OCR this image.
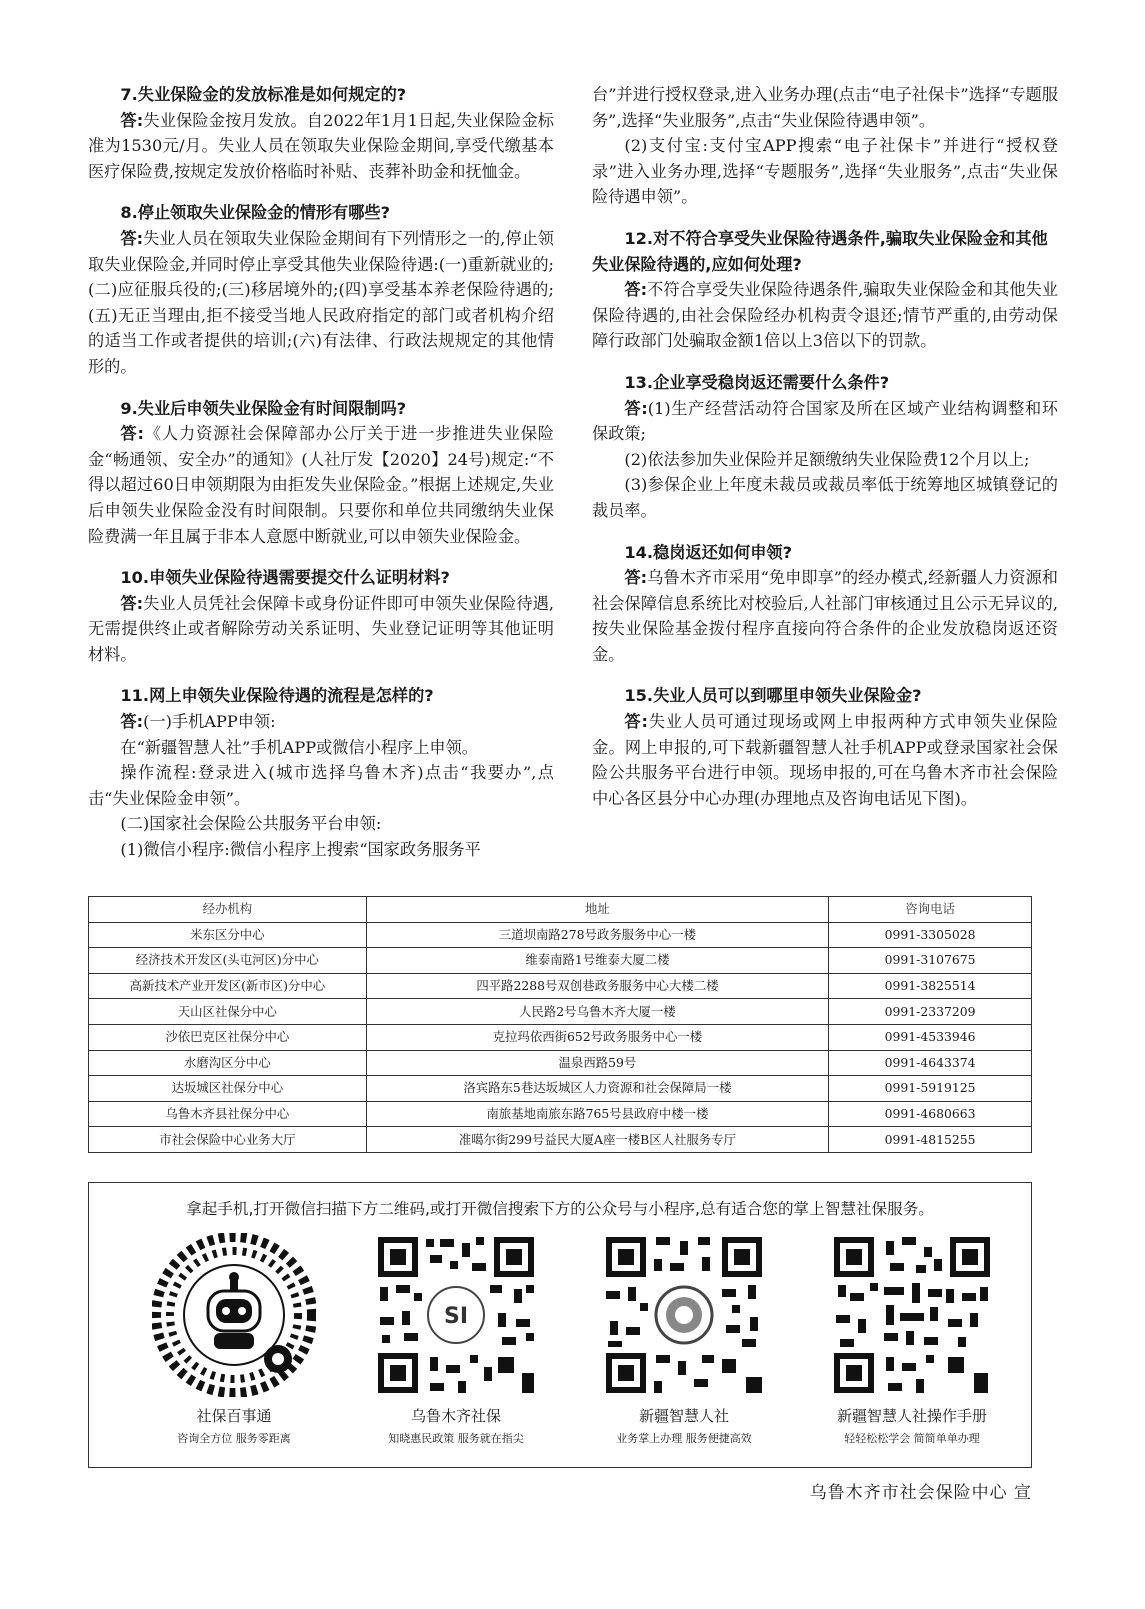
7.失业保险金的发放标准是如何规定的?

答:失业保险金按月发放。自2022年1月1日起,失业保险金标准为1530元/月。失业人员在领取失业保险金期间,享受代缴基本医疗保险费,按规定发放价格临时补贴、丧葬补助金和抚恤金。

8.停止领取失业保险金的情形有哪些?

答:失业人员在领取失业保险金期间有下列情形之一的,停止领取失业保险金,并同时停止享受其他失业保险待遇:(一)重新就业的;(二)应征服兵役的;(三)移居境外的;(四)享受基本养老保险待遇的;(五)无正当理由,拒不接受当地人民政府指定的部门或者机构介绍的适当工作或者提供的培训;(六)有法律、行政法规规定的其他情形的。

9.失业后申领失业保险金有时间限制吗?

答:《人力资源社会保障部办公厅关于进一步推进失业保险金“畅通领、安全办”的通知》(人社厅发【2020】24号)规定:“不得以超过60日申领期限为由拒发失业保险金。”根据上述规定,失业后申领失业保险金没有时间限制。只要你和单位共同缴纳失业保险费满一年且属于非本人意愿中断就业,可以申领失业保险金。

10.申领失业保险待遇需要提交什么证明材料?

答:失业人员凭社会保障卡或身份证件即可申领失业保险待遇,无需提供终止或者解除劳动关系证明、失业登记证明等其他证明材料。

11.网上申领失业保险待遇的流程是怎样的?

答:(一)手机APP申领:

在“新疆智慧人社”手机APP或微信小程序上申领。

操作流程:登录进入(城市选择乌鲁木齐)点击“我要办”,点击“失业保险金申领”。

(二)国家社会保险公共服务平台申领:

(1)微信小程序:微信小程序上搜索“国家政务服务平

台”并进行授权登录,进入业务办理(点击“电子社保卡”选择“专题服务”,选择“失业服务”,点击“失业保险待遇申领”。

(2)支付宝:支付宝APP搜索“电子社保卡”并进行“授权登录”进入业务办理,选择“专题服务”,选择“失业服务”,点击“失业保险待遇申领”。

12.对不符合享受失业保险待遇条件,骗取失业保险金和其他失业保险待遇的,应如何处理?

答:不符合享受失业保险待遇条件,骗取失业保险金和其他失业保险待遇的,由社会保险经办机构责令退还;情节严重的,由劳动保障行政部门处骗取金额1倍以上3倍以下的罚款。

13.企业享受稳岗返还需要什么条件?

答:(1)生产经营活动符合国家及所在区域产业结构调整和环保政策;

(2)依法参加失业保险并足额缴纳失业保险费12个月以上;

(3)参保企业上年度未裁员或裁员率低于统筹地区城镇登记的裁员率。

14.稳岗返还如何申领?

答:乌鲁木齐市采用“免申即享”的经办模式,经新疆人力资源和社会保障信息系统比对校验后,人社部门审核通过且公示无异议的,按失业保险基金拨付程序直接向符合条件的企业发放稳岗返还资金。

15.失业人员可以到哪里申领失业保险金?

答:失业人员可通过现场或网上申报两种方式申领失业保险金。网上申报的,可下载新疆智慧人社手机APP或登录国家社会保险公共服务平台进行申领。现场申报的,可在乌鲁木齐市社会保险中心各区县分中心办理(办理地点及咨询电话见下图)。

经办机构	地址	咨询电话
米东区分中心	三道坝南路278号政务服务中心一楼	0991-3305028
经济技术开发区(头屯河区)分中心	维泰南路1号维泰大厦二楼	0991-3107675
高新技术产业开发区(新市区)分中心	四平路2288号双创巷政务服务中心大楼二楼	0991-3825514
天山区社保分中心	人民路2号乌鲁木齐大厦一楼	0991-2337209
沙依巴克区社保分中心	克拉玛依西街652号政务服务中心一楼	0991-4533946
水磨沟区分中心	温泉西路59号	0991-4643374
达坂城区社保分中心	洛宾路东5巷达坂城区人力资源和社会保障局一楼	0991-5919125
乌鲁木齐县社保分中心	南旅基地南旅东路765号县政府中楼一楼	0991-4680663
市社会保险中心业务大厅	准噶尔街299号益民大厦A座一楼B区人社服务专厅	0991-4815255
拿起手机,打开微信扫描下方二维码,或打开微信搜索下方的公众号与小程序,总有适合您的掌上智慧社保服务。
社保百事通
咨询全方位 服务零距离
SI
乌鲁木齐社保
知晓惠民政策 服务就在指尖
新疆智慧人社
业务掌上办理 服务便捷高效
新疆智慧人社操作手册
轻轻松松学会 简简单单办理
乌鲁木齐市社会保险中心 宣
